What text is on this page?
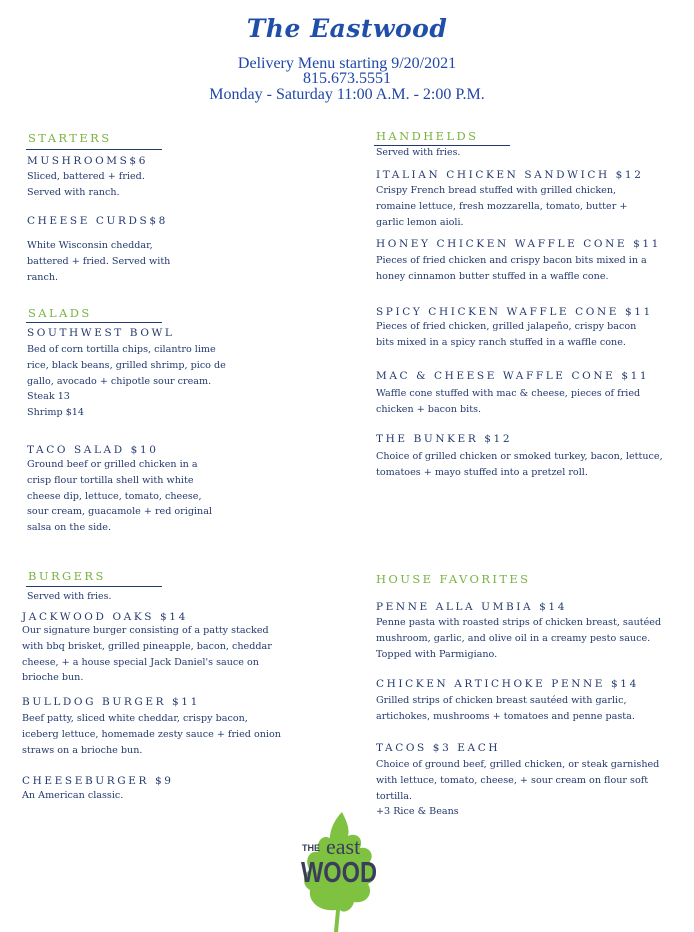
The Eastwood
Delivery Menu starting 9/20/2021
815.673.5551
Monday - Saturday 11:00 A.M. - 2:00 P.M.
STARTERS
MUSHROOMS$6
Sliced, battered + fried.
Served with ranch.
CHEESE CURDS$8
White Wisconsin cheddar,
battered + fried. Served with
ranch.
SALADS
SOUTHWEST BOWL
Bed of corn tortilla chips, cilantro lime
rice, black beans, grilled shrimp, pico de
gallo, avocado + chipotle sour cream.
Steak 13
Shrimp $14
TACO SALAD $10
Ground beef or grilled chicken in a
crisp flour tortilla shell with white
cheese dip, lettuce, tomato, cheese,
sour cream, guacamole + red original
salsa on the side.
BURGERS
Served with fries.
JACKWOOD OAKS $14
Our signature burger consisting of a patty stacked
with bbq brisket, grilled pineapple, bacon, cheddar
cheese, + a house special Jack Daniel's sauce on
brioche bun.
BULLDOG BURGER $11
Beef patty, sliced white cheddar, crispy bacon,
iceberg lettuce, homemade zesty sauce + fried onion
straws on a brioche bun.
CHEESEBURGER $9
An American classic.
HANDHELDS
Served with fries.
ITALIAN CHICKEN SANDWICH $12
Crispy French bread stuffed with grilled chicken,
romaine lettuce, fresh mozzarella, tomato, butter +
garlic lemon aioli.
HONEY CHICKEN WAFFLE CONE $11
Pieces of fried chicken and crispy bacon bits mixed in a
honey cinnamon butter stuffed in a waffle cone.
SPICY CHICKEN WAFFLE CONE $11
Pieces of fried chicken, grilled jalapeño, crispy bacon
bits mixed in a spicy ranch stuffed in a waffle cone.
MAC & CHEESE WAFFLE CONE $11
Waffle cone stuffed with mac & cheese, pieces of fried
chicken + bacon bits.
THE BUNKER $12
Choice of grilled chicken or smoked turkey, bacon, lettuce,
tomatoes + mayo stuffed into a pretzel roll.
HOUSE FAVORITES
PENNE ALLA UMBIA $14
Penne pasta with roasted strips of chicken breast, sautéed
mushroom, garlic, and olive oil in a creamy pesto sauce.
Topped with Parmigiano.
CHICKEN ARTICHOKE PENNE $14
Grilled strips of chicken breast sautéed with garlic,
artichokes, mushrooms + tomatoes and penne pasta.
TACOS $3 EACH
Choice of ground beef, grilled chicken, or steak garnished
with lettuce, tomato, cheese, + sour cream on flour soft
tortilla.
+3 Rice & Beans
THE east
WOOD
